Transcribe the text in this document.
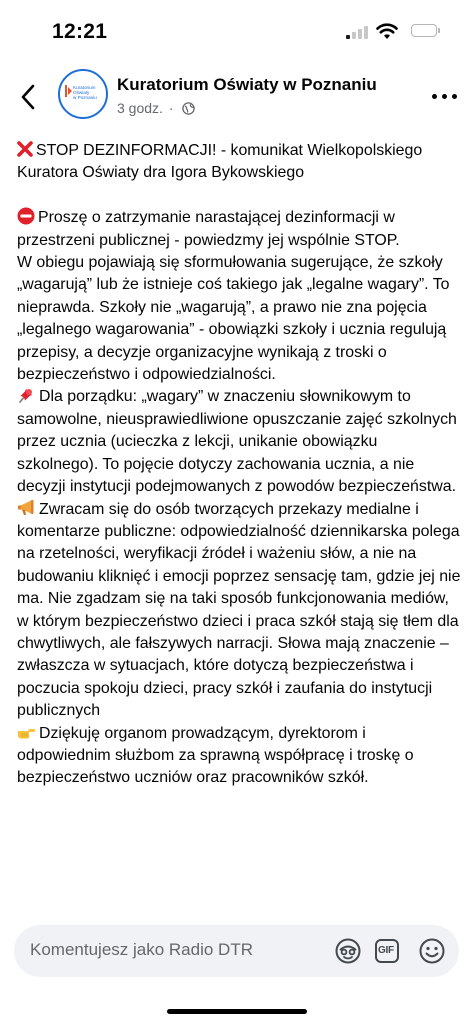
12:21
Kuratorium
Oświaty
w Poznaniu
Kuratorium Oświaty w Poznaniu
3 godz. ·
STOP DEZINFORMACJI! - komunikat Wielkopolskiego Kuratora Oświaty dra Igora Bykowskiego

Proszę o zatrzymanie narastającej dezinformacji w przestrzeni publicznej - powiedzmy jej wspólnie STOP.
W obiegu pojawiają się sformułowania sugerujące, że szkoły „wagarują” lub że istnieje coś takiego jak „legalne wagary”. To nieprawda. Szkoły nie „wagarują”, a prawo nie zna pojęcia „legalnego wagarowania” - obowiązki szkoły i ucznia regulują przepisy, a decyzje organizacyjne wynikają z troski o bezpieczeństwo i odpowiedzialności.
Dla porządku: „wagary” w znaczeniu słownikowym to samowolne, nieusprawiedliwione opuszczanie zajęć szkolnych przez ucznia (ucieczka z lekcji, unikanie obowiązku szkolnego). To pojęcie dotyczy zachowania ucznia, a nie decyzji instytucji podejmowanych z powodów bezpieczeństwa.
Zwracam się do osób tworzących przekazy medialne i komentarze publiczne: odpowiedzialność dziennikarska polega na rzetelności, weryfikacji źródeł i ważeniu słów, a nie na budowaniu kliknięć i emocji poprzez sensację tam, gdzie jej nie ma. Nie zgadzam się na taki sposób funkcjonowania mediów, w którym bezpieczeństwo dzieci i praca szkół stają się tłem dla chwytliwych, ale fałszywych narracji. Słowa mają znaczenie – zwłaszcza w sytuacjach, które dotyczą bezpieczeństwa i poczucia spokoju dzieci, pracy szkół i zaufania do instytucji publicznych
Dziękuję organom prowadzącym, dyrektorom i odpowiednim służbom za sprawną współpracę i troskę o bezpieczeństwo uczniów oraz pracowników szkół.
Komentujesz jako Radio DTR	GIF
